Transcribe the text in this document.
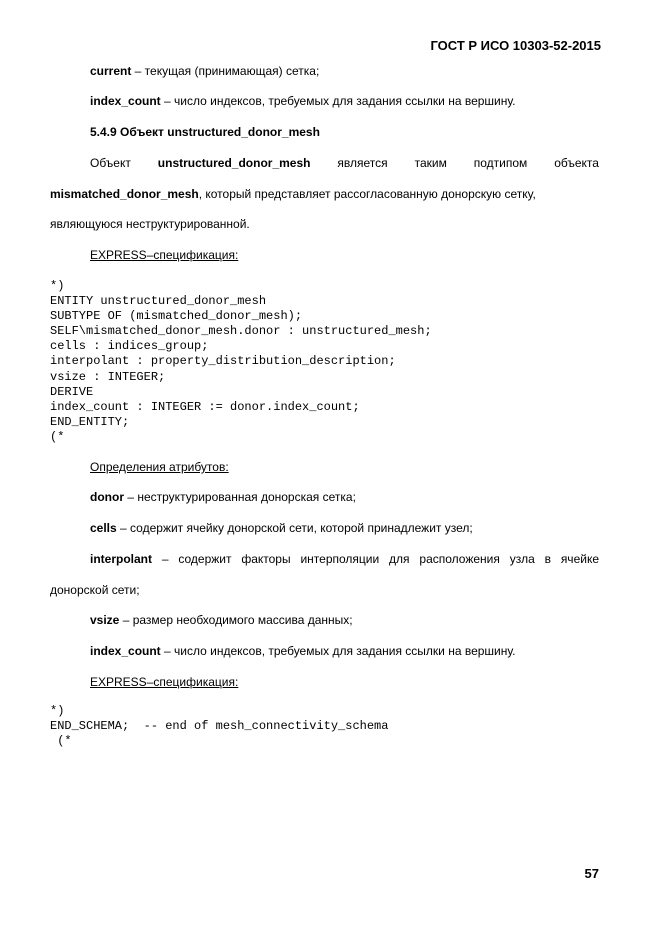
ГОСТ Р ИСО 10303-52-2015
current – текущая (принимающая) сетка;
index_count – число индексов, требуемых для задания ссылки на вершину.
5.4.9 Объект unstructured_donor_mesh
Объект unstructured_donor_mesh является таким подтипом объекта
mismatched_donor_mesh, который представляет рассогласованную донорскую сетку,
являющуюся неструктурированной.
EXPRESS–спецификация:
*)
ENTITY unstructured_donor_mesh
SUBTYPE OF (mismatched_donor_mesh);
SELF\mismatched_donor_mesh.donor : unstructured_mesh;
cells : indices_group;
interpolant : property_distribution_description;
vsize : INTEGER;
DERIVE
index_count : INTEGER := donor.index_count;
END_ENTITY;
(*
Определения атрибутов:
donor – неструктурированная донорская сетка;
cells – содержит ячейку донорской сети, которой принадлежит узел;
interpolant – содержит факторы интерполяции для расположения узла в ячейке
донорской сети;
vsize – размер необходимого массива данных;
index_count – число индексов, требуемых для задания ссылки на вершину.
EXPRESS–спецификация:
*)
END_SCHEMA;  -- end of mesh_connectivity_schema
(*
57
